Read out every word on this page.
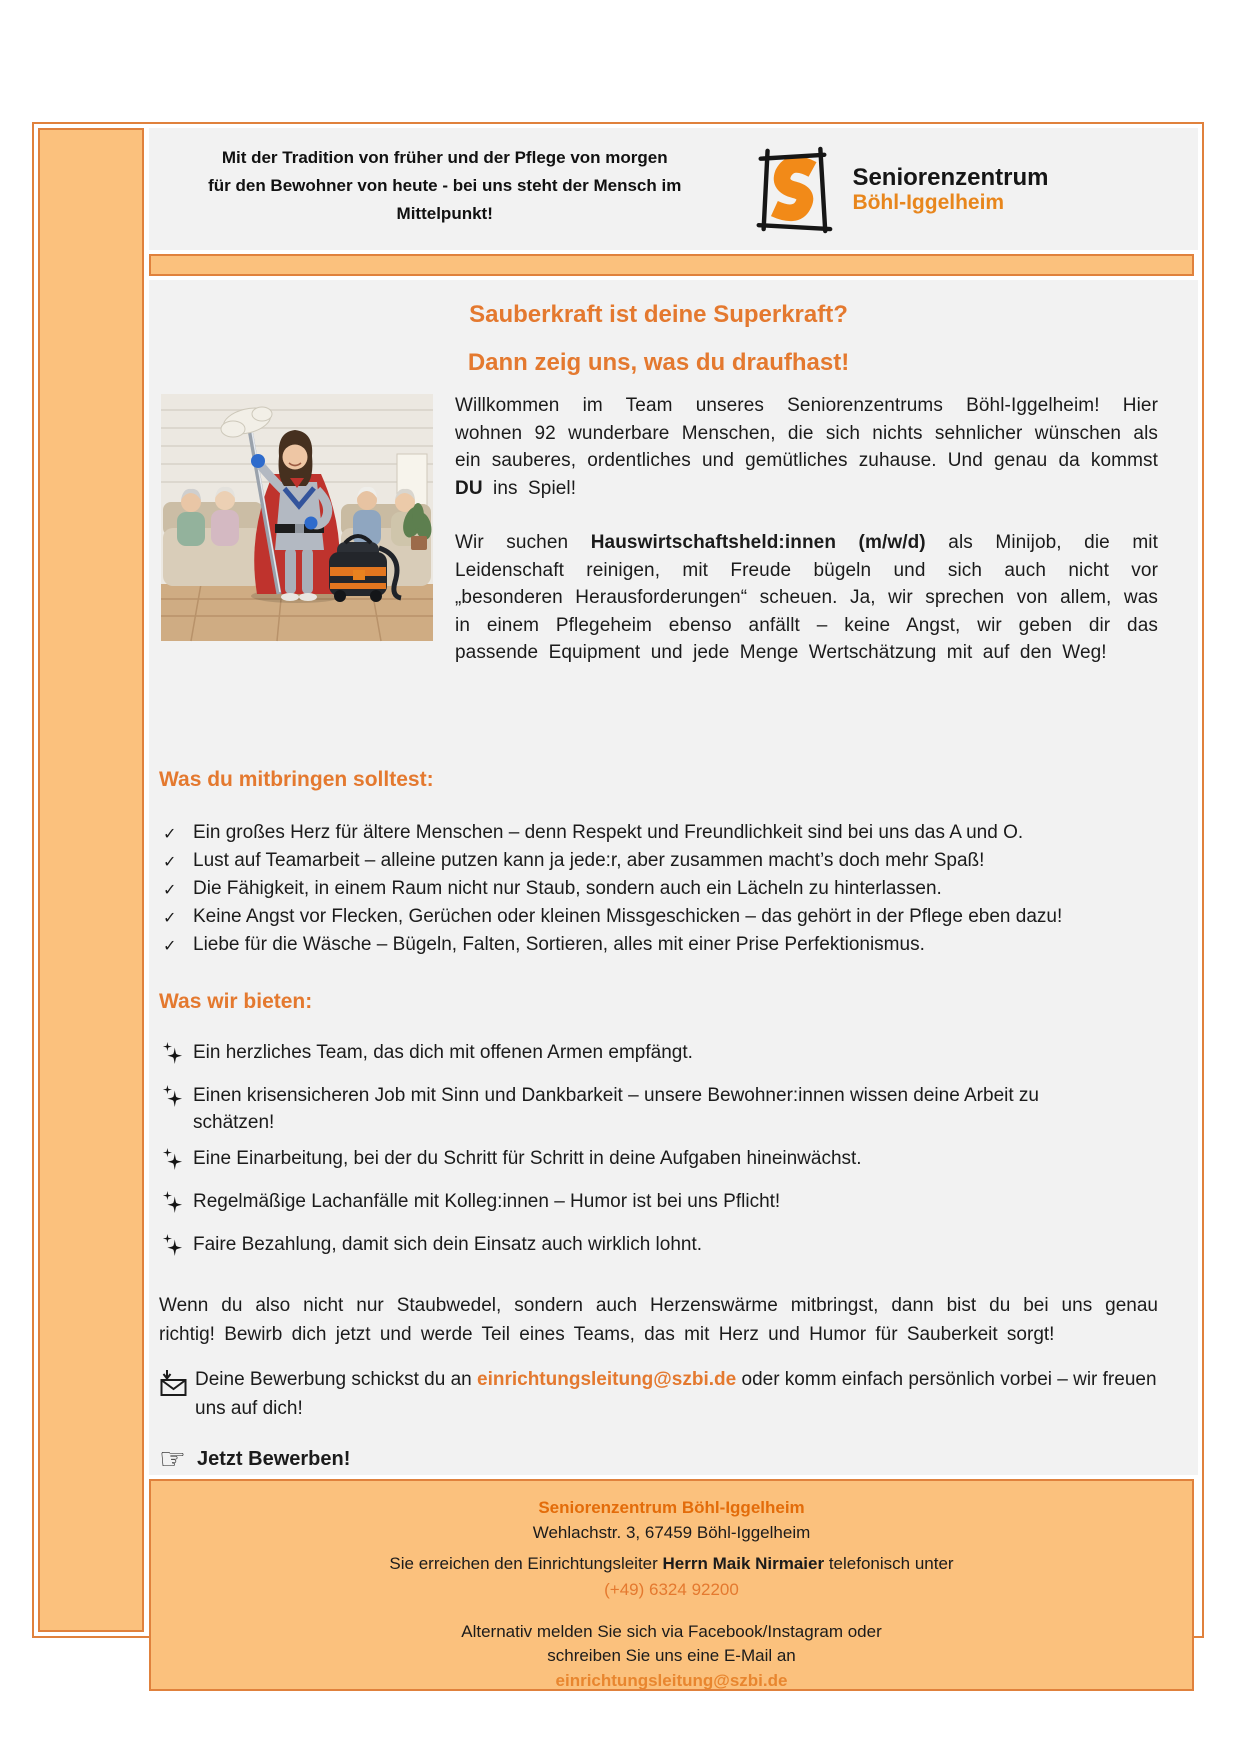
Mit der Tradition von früher und der Pflege von morgen
für den Bewohner von heute - bei uns steht der Mensch im
Mittelpunkt!
Seniorenzentrum
Böhl-Iggelheim
Sauberkraft ist deine Superkraft?
Dann zeig uns, was du draufhast!

Willkommen im Team unseres Seniorenzentrums Böhl-Iggelheim! Hier wohnen 92 wunderbare Menschen, die sich nichts sehnlicher wünschen als ein sauberes, ordentliches und gemütliches zuhause. Und genau da kommst DU ins Spiel!

Wir suchen Hauswirtschaftsheld:innen (m/w/d) als Minijob, die mit Leidenschaft reinigen, mit Freude bügeln und sich auch nicht vor „besonderen Herausforderungen“ scheuen. Ja, wir sprechen von allem, was in einem Pflegeheim ebenso anfällt – keine Angst, wir geben dir das passende Equipment und jede Menge Wertschätzung mit auf den Weg!

Was du mitbringen solltest:
✓ Ein großes Herz für ältere Menschen – denn Respekt und Freundlichkeit sind bei uns das A und O.
✓ Lust auf Teamarbeit – alleine putzen kann ja jede:r, aber zusammen macht’s doch mehr Spaß!
✓ Die Fähigkeit, in einem Raum nicht nur Staub, sondern auch ein Lächeln zu hinterlassen.
✓ Keine Angst vor Flecken, Gerüchen oder kleinen Missgeschicken – das gehört in der Pflege eben dazu!
✓ Liebe für die Wäsche – Bügeln, Falten, Sortieren, alles mit einer Prise Perfektionismus.
Was wir bieten:
Ein herzliches Team, das dich mit offenen Armen empfängt.
Einen krisensicheren Job mit Sinn und Dankbarkeit – unsere Bewohner:innen wissen deine Arbeit zu schätzen!
Eine Einarbeitung, bei der du Schritt für Schritt in deine Aufgaben hineinwächst.
Regelmäßige Lachanfälle mit Kolleg:innen – Humor ist bei uns Pflicht!
Faire Bezahlung, damit sich dein Einsatz auch wirklich lohnt.

Wenn du also nicht nur Staubwedel, sondern auch Herzenswärme mitbringst, dann bist du bei uns genau richtig! Bewirb dich jetzt und werde Teil eines Teams, das mit Herz und Humor für Sauberkeit sorgt!

Deine Bewerbung schickst du an einrichtungsleitung@szbi.de oder komm einfach persönlich vorbei – wir freuen uns auf dich!
☞ Jetzt Bewerben!
Seniorenzentrum Böhl-Iggelheim
Wehlachstr. 3, 67459 Böhl-Iggelheim
Sie erreichen den Einrichtungsleiter Herrn Maik Nirmaier telefonisch unter
(+49) 6324 92200
Alternativ melden Sie sich via Facebook/Instagram oder
schreiben Sie uns eine E-Mail an
einrichtungsleitung@szbi.de
